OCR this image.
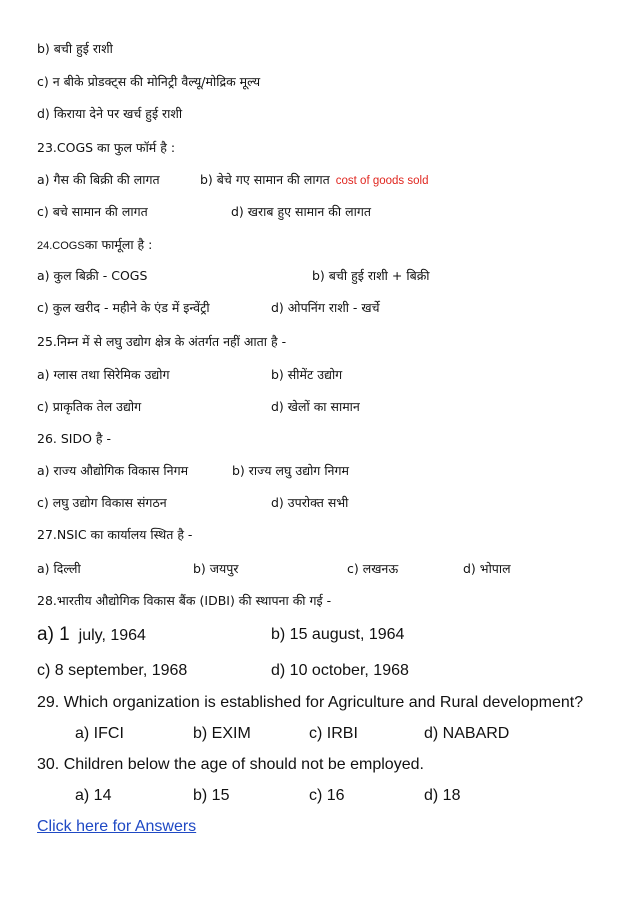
b) बची हुई राशी
c) न बीके प्रोडक्ट्स की मोनिट्री वैल्यू/मोद्रिक मूल्य
d) किराया देने पर खर्च हुई राशी
23.COGS का फुल फॉर्म है :
a) गैस की बिक्री की लागत	b) बेचे गए सामान की लागत cost of goods sold
c) बचे सामान की लागत	d) खराब हुए सामान की लागत
24.COGSका फार्मूला है :
a) कुल बिक्री - COGS	b) बची हुई राशी + बिक्री
c) कुल खरीद - महीने के एंड में इन्वेंट्री	d) ओपनिंग राशी - खर्चे
25.निम्न में से लघु उद्योग क्षेत्र के अंतर्गत नहीं आता है -
a) ग्लास तथा सिरेमिक उद्योग	b) सीमेंट उद्योग
c) प्राकृतिक तेल उद्योग	d) खेलों का सामान
26. SIDO है -
a) राज्य औद्योगिक विकास निगम	b) राज्य लघु उद्योग निगम
c) लघु उद्योग विकास संगठन	d) उपरोक्त सभी
27.NSIC का कार्यालय स्थित है -
a) दिल्ली	b) जयपुर	c) लखनऊ	d) भोपाल
28.भारतीय औद्योगिक विकास बैंक (IDBI) की स्थापना की गई -
a) 1 july, 1964	b) 15 august, 1964
c) 8 september, 1968	d) 10 october, 1968
29. Which organization is established for Agriculture and Rural development?
a) IFCI	b) EXIM	c) IRBI	d) NABARD
30. Children below the age of should not be employed.
a) 14	b) 15	c) 16	d) 18
Click here for Answers
